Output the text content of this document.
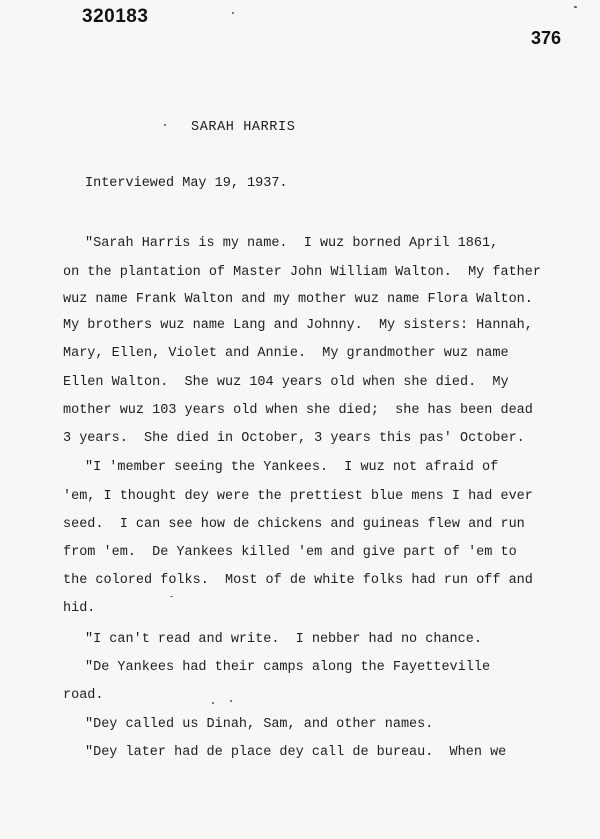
320183
376
SARAH HARRIS
Interviewed May 19, 1937.
"Sarah Harris is my name.  I wuz borned April 1861,
on the plantation of Master John William Walton.  My father
wuz name Frank Walton and my mother wuz name Flora Walton.
My brothers wuz name Lang and Johnny.  My sisters: Hannah,
Mary, Ellen, Violet and Annie.  My grandmother wuz name
Ellen Walton.  She wuz 104 years old when she died.  My
mother wuz 103 years old when she died;  she has been dead
3 years.  She died in October, 3 years this pas' October.
"I 'member seeing the Yankees.  I wuz not afraid of
'em, I thought dey were the prettiest blue mens I had ever
seed.  I can see how de chickens and guineas flew and run
from 'em.  De Yankees killed 'em and give part of 'em to
the colored folks.  Most of de white folks had run off and
hid.
"I can't read and write.  I nebber had no chance.
"De Yankees had their camps along the Fayetteville
road.
"Dey called us Dinah, Sam, and other names.
"Dey later had de place dey call de bureau.  When we
